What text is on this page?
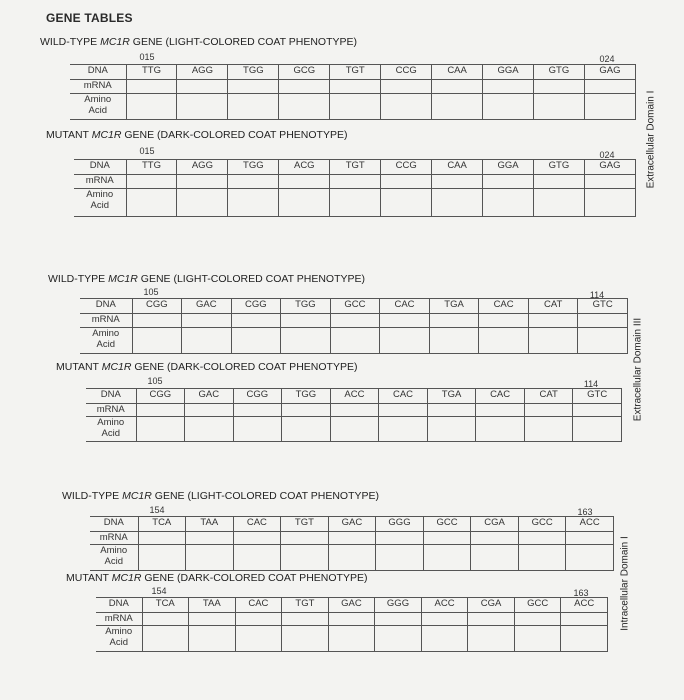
GENE TABLES
WILD-TYPE MC1R GENE (LIGHT-COLORED COAT PHENOTYPE)
015	024
DNA	TTG	AGG	TGG	GCG	TGT	CCG	CAA	GGA	GTG	GAG
mRNA										
Amino
Acid										
MUTANT MC1R GENE (DARK-COLORED COAT PHENOTYPE)
015	024
DNA	TTG	AGG	TGG	ACG	TGT	CCG	CAA	GGA	GTG	GAG
mRNA										
Amino
Acid										
Extracellular Domain I
WILD-TYPE MC1R GENE (LIGHT-COLORED COAT PHENOTYPE)
105	114
DNA	CGG	GAC	CGG	TGG	GCC	CAC	TGA	CAC	CAT	GTC
mRNA										
Amino
Acid										
MUTANT MC1R GENE (DARK-COLORED COAT PHENOTYPE)
105	114
DNA	CGG	GAC	CGG	TGG	ACC	CAC	TGA	CAC	CAT	GTC
mRNA										
Amino
Acid										
Extracellular Domain III
WILD-TYPE MC1R GENE (LIGHT-COLORED COAT PHENOTYPE)
154	163
DNA	TCA	TAA	CAC	TGT	GAC	GGG	GCC	CGA	GCC	ACC
mRNA										
Amino
Acid										
MUTANT MC1R GENE (DARK-COLORED COAT PHENOTYPE)
154	163
DNA	TCA	TAA	CAC	TGT	GAC	GGG	ACC	CGA	GCC	ACC
mRNA										
Amino
Acid										
Intracellular Domain I
